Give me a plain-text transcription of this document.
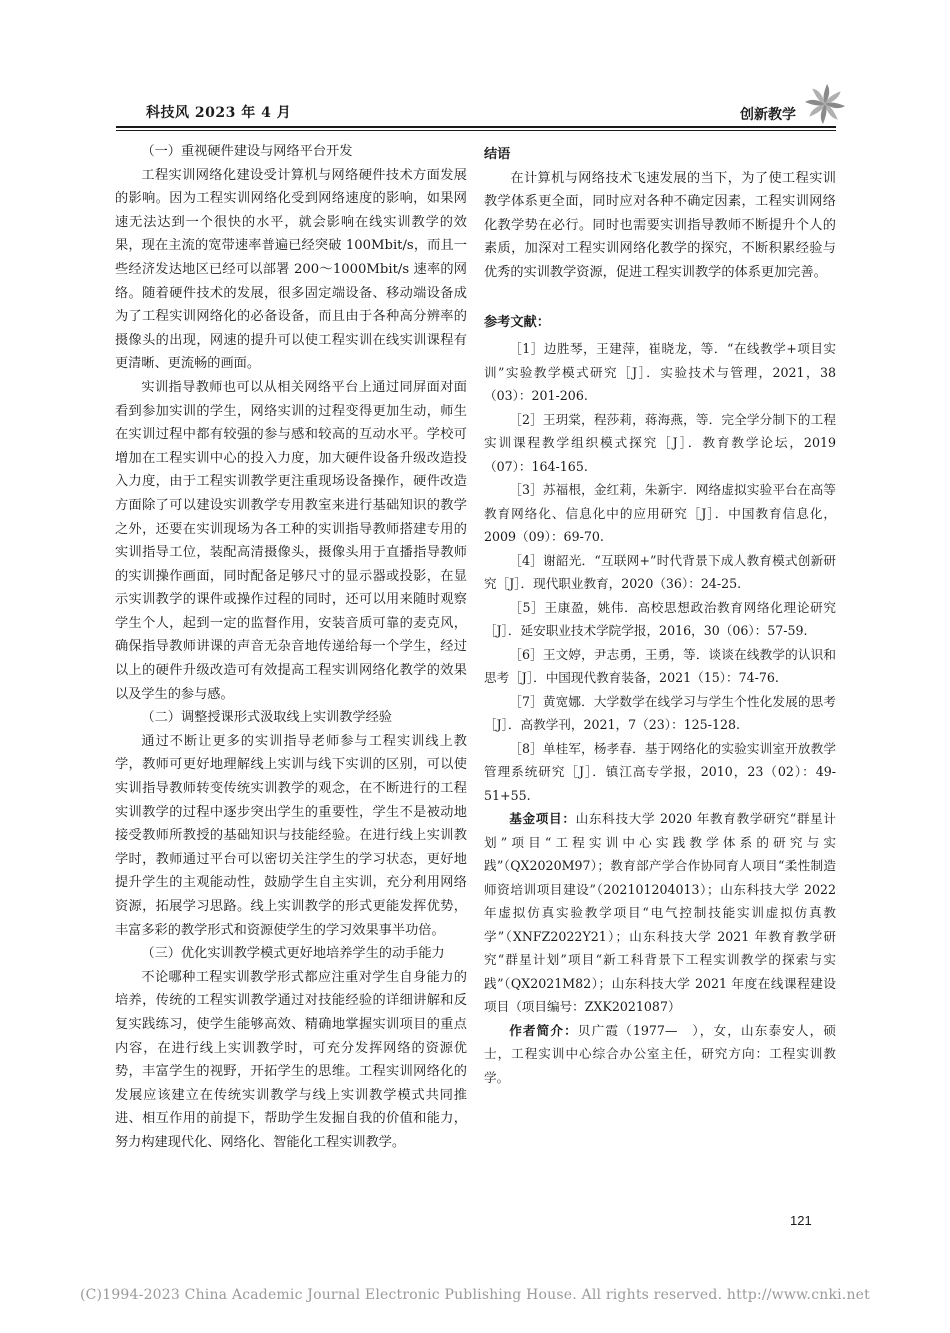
科技风 2023 年 4 月	创新教学

（一）重视硬件建设与网络平台开发

工程实训网络化建设受计算机与网络硬件技术方面发展的影响。因为工程实训网络化受到网络速度的影响，如果网速无法达到一个很快的水平，就会影响在线实训教学的效果，现在主流的宽带速率普遍已经突破 100Mbit/s，而且一些经济发达地区已经可以部署 200～1000Mbit/s 速率的网络。随着硬件技术的发展，很多固定端设备、移动端设备成为了工程实训网络化的必备设备，而且由于各种高分辨率的摄像头的出现，网速的提升可以使工程实训在线实训课程有更清晰、更流畅的画面。

实训指导教师也可以从相关网络平台上通过同屏面对面看到参加实训的学生，网络实训的过程变得更加生动，师生在实训过程中都有较强的参与感和较高的互动水平。学校可增加在工程实训中心的投入力度，加大硬件设备升级改造投入力度，由于工程实训教学更注重现场设备操作，硬件改造方面除了可以建设实训教学专用教室来进行基础知识的教学之外，还要在实训现场为各工种的实训指导教师搭建专用的实训指导工位，装配高清摄像头，摄像头用于直播指导教师的实训操作画面，同时配备足够尺寸的显示器或投影，在显示实训教学的课件或操作过程的同时，还可以用来随时观察学生个人，起到一定的监督作用，安装音质可靠的麦克风，确保指导教师讲课的声音无杂音地传递给每一个学生，经过以上的硬件升级改造可有效提高工程实训网络化教学的效果以及学生的参与感。

（二）调整授课形式汲取线上实训教学经验

通过不断让更多的实训指导老师参与工程实训线上教学，教师可更好地理解线上实训与线下实训的区别，可以使实训指导教师转变传统实训教学的观念，在不断进行的工程实训教学的过程中逐步突出学生的重要性，学生不是被动地接受教师所教授的基础知识与技能经验。在进行线上实训教学时，教师通过平台可以密切关注学生的学习状态，更好地提升学生的主观能动性，鼓励学生自主实训，充分利用网络资源，拓展学习思路。线上实训教学的形式更能发挥优势，丰富多彩的教学形式和资源使学生的学习效果事半功倍。

（三）优化实训教学模式更好地培养学生的动手能力

不论哪种工程实训教学形式都应注重对学生自身能力的培养，传统的工程实训教学通过对技能经验的详细讲解和反复实践练习，使学生能够高效、精确地掌握实训项目的重点内容，在进行线上实训教学时，可充分发挥网络的资源优势，丰富学生的视野，开拓学生的思维。工程实训网络化的发展应该建立在传统实训教学与线上实训教学模式共同推进、相互作用的前提下，帮助学生发掘自我的价值和能力，努力构建现代化、网络化、智能化工程实训教学。

结语

在计算机与网络技术飞速发展的当下，为了使工程实训教学体系更全面，同时应对各种不确定因素，工程实训网络化教学势在必行。同时也需要实训指导教师不断提升个人的素质，加深对工程实训网络化教学的探究，不断积累经验与优秀的实训教学资源，促进工程实训教学的体系更加完善。

参考文献：

［1］边胜琴，王建萍，崔晓龙，等．“在线教学+项目实训”实验教学模式研究［J］．实验技术与管理，2021，38（03）：201-206.

［2］王玥棠，程莎莉，蒋海燕，等．完全学分制下的工程实训课程教学组织模式探究［J］．教育教学论坛，2019（07）：164-165.

［3］苏福根，金红莉，朱新宇．网络虚拟实验平台在高等教育网络化、信息化中的应用研究［J］．中国教育信息化，2009（09）：69-70.

［4］谢韶光．“互联网+”时代背景下成人教育模式创新研究［J］．现代职业教育，2020（36）：24-25.

［5］王康盈，姚伟．高校思想政治教育网络化理论研究［J］．延安职业技术学院学报，2016，30（06）：57-59.

［6］王文婷，尹志勇，王勇，等．谈谈在线教学的认识和思考［J］．中国现代教育装备，2021（15）：74-76.

［7］黄宽娜．大学数学在线学习与学生个性化发展的思考［J］．高教学刊，2021，7（23）：125-128.

［8］单桂军，杨孝春．基于网络化的实验实训室开放教学管理系统研究［J］．镇江高专学报，2010，23（02）：49-51+55.

基金项目：山东科技大学 2020 年教育教学研究“群星计划”项目“工程实训中心实践教学体系的研究与实践”（QX2020M97）；教育部产学合作协同育人项目“柔性制造师资培训项目建设”（202101204013）；山东科技大学 2022 年虚拟仿真实验教学项目“电气控制技能实训虚拟仿真教学”（XNFZ2022Y21）；山东科技大学 2021 年教育教学研究“群星计划”项目“新工科背景下工程实训教学的探索与实践”（QX2021M82）；山东科技大学 2021 年度在线课程建设项目（项目编号：ZXK2021087）

作者简介：贝广霞（1977—　），女，山东泰安人，硕士，工程实训中心综合办公室主任，研究方向：工程实训教学。

121
(C)1994-2023 China Academic Journal Electronic Publishing House. All rights reserved. http://www.cnki.net
